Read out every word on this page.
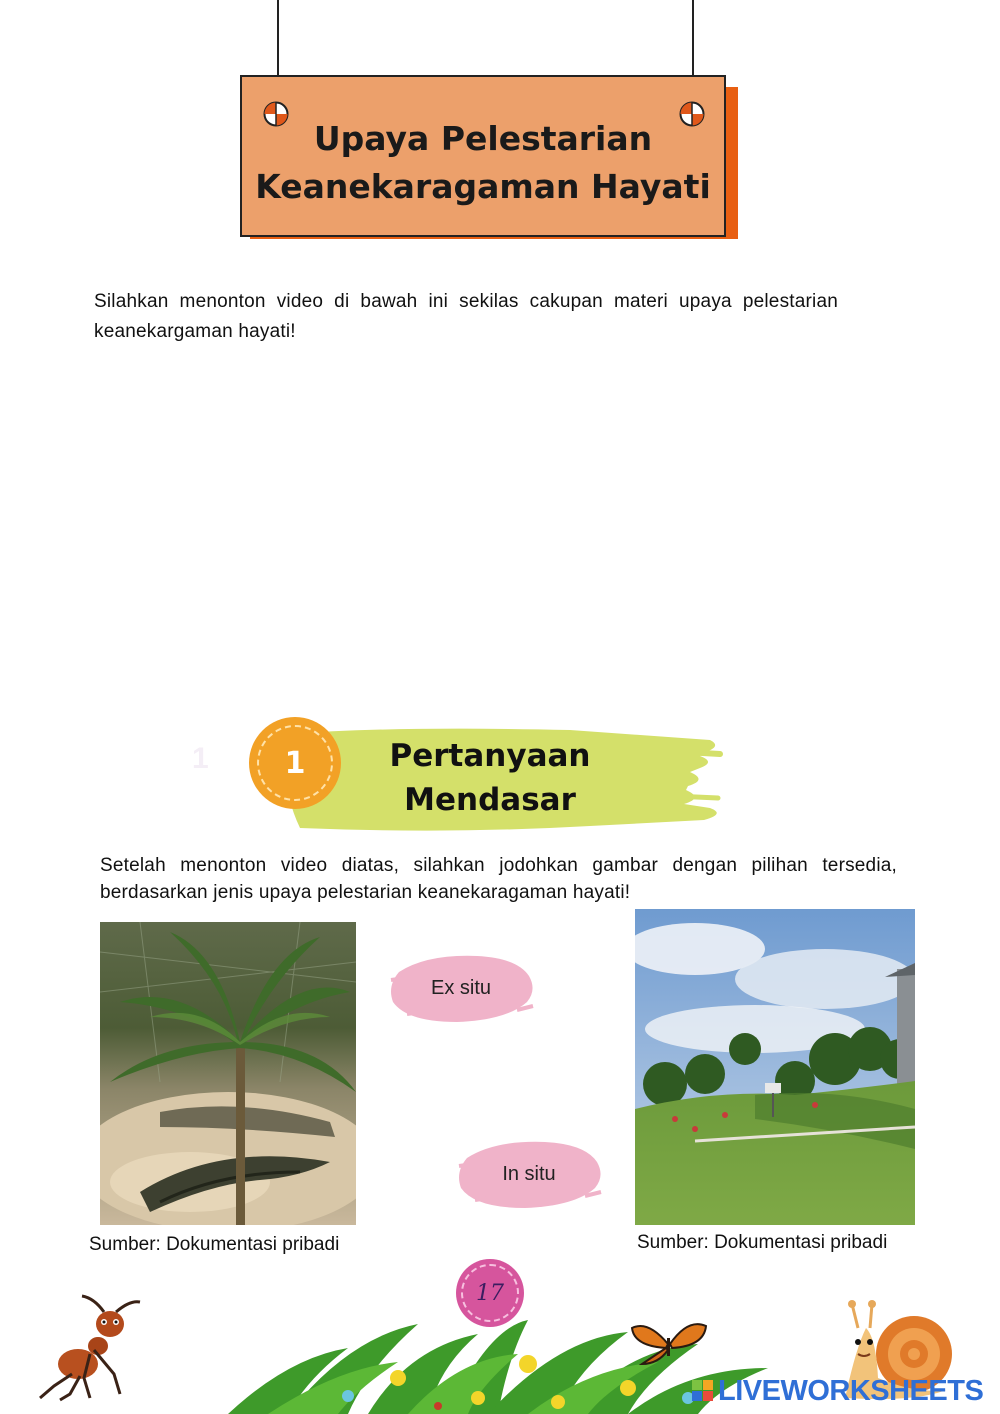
Upaya Pelestarian
Keanekaragaman Hayati
Silahkan menonton video di bawah ini sekilas cakupan materi upaya pelestarian keanekargaman hayati!
1	1	Pertanyaan
Mendasar
Setelah menonton video diatas, silahkan jodohkan gambar dengan pilihan tersedia, berdasarkan jenis upaya pelestarian keanekaragaman hayati!
Sumber: Dokumentasi pribadi
Ex situ
In situ
Sumber: Dokumentasi pribadi
17
LIVEWORKSHEETS
